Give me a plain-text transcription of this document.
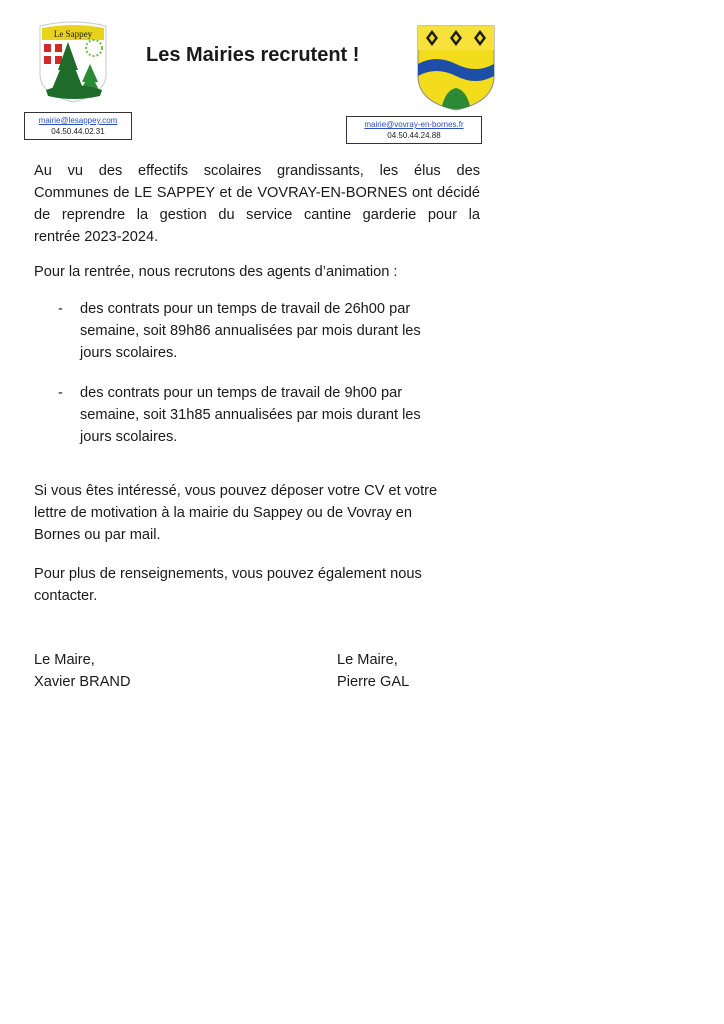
Le Sappey
Les Mairies recrutent !
mairie@lesappey.com
04.50.44.02.31
mairie@vovray-en-bornes.fr
04.50.44.24.88
Au vu des effectifs scolaires grandissants, les élus des
Communes de LE SAPPEY et de VOVRAY-EN-BORNES ont décidé
de reprendre la gestion du service cantine garderie pour la
rentrée 2023-2024.
Pour la rentrée, nous recrutons des agents d’animation :
- des contrats pour un temps de travail de 26h00 par
semaine, soit 89h86 annualisées par mois durant les
jours scolaires.
- des contrats pour un temps de travail de 9h00 par
semaine, soit 31h85 annualisées par mois durant les
jours scolaires.
Si vous êtes intéressé, vous pouvez déposer votre CV et votre
lettre de motivation à la mairie du Sappey ou de Vovray en
Bornes ou par mail.
Pour plus de renseignements, vous pouvez également nous
contacter.
Le Maire,
Xavier BRAND
Le Maire,
Pierre GAL
